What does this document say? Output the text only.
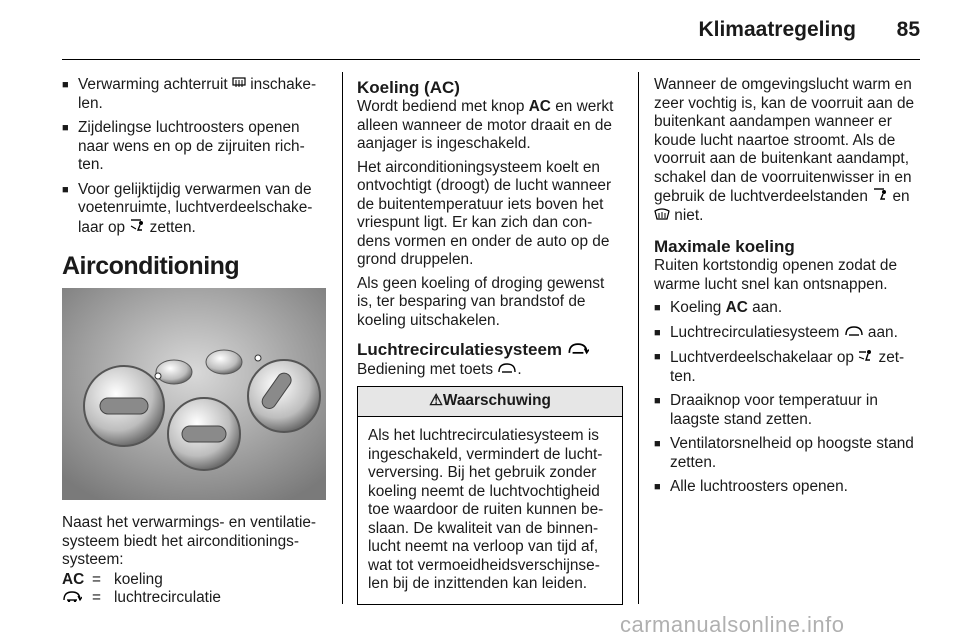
Klimaatregeling 85
■ Verwarming achterruit  inschake-len.
■ Zijdelingse luchtroosters openen naar wens en op de zijruiten rich-ten.
■ Voor gelijktijdig verwarmen van de voetenruimte, luchtverdeelschake-laar op  zetten.
Airconditioning
Naast het verwarmings- en ventilatie-systeem biedt het airconditionings-systeem:
AC = koeling
= luchtrecirculatie
Koeling (AC)

Wordt bediend met knop AC en werkt alleen wanneer de motor draait en de aanjager is ingeschakeld.

Het airconditioningsysteem koelt en ontvochtigt (droogt) de lucht wanneer de buitentemperatuur iets boven het vriespunt ligt. Er kan zich dan con-dens vormen en onder de auto op de grond druppelen.

Als geen koeling of droging gewenst is, ter besparing van brandstof de koeling uitschakelen.

Luchtrecirculatiesysteem

Bediening met toets .

⚠Waarschuwing
Als het luchtrecirculatiesysteem is ingeschakeld, vermindert de lucht-verversing. Bij het gebruik zonder koeling neemt de luchtvochtigheid toe waardoor de ruiten kunnen be-slaan. De kwaliteit van de binnen-lucht neemt na verloop van tijd af, wat tot vermoeidheidsverschijnse-len bij de inzittenden kan leiden.

Wanneer de omgevingslucht warm en zeer vochtig is, kan de voorruit aan de buitenkant aandampen wanneer er koude lucht naartoe stroomt. Als de voorruit aan de buitenkant aandampt, schakel dan de voorruitenwisser in en gebruik de luchtverdeelstanden  en
niet.

Maximale koeling

Ruiten kortstondig openen zodat de warme lucht snel kan ontsnappen.

■ Koeling AC aan.
■ Luchtrecirculatiesysteem  aan.
■ Luchtverdeelschakelaar op  zet-ten.
■ Draaiknop voor temperatuur in laagste stand zetten.
■ Ventilatorsnelheid op hoogste stand zetten.
■ Alle luchtroosters openen.
carmanualsonline.info
